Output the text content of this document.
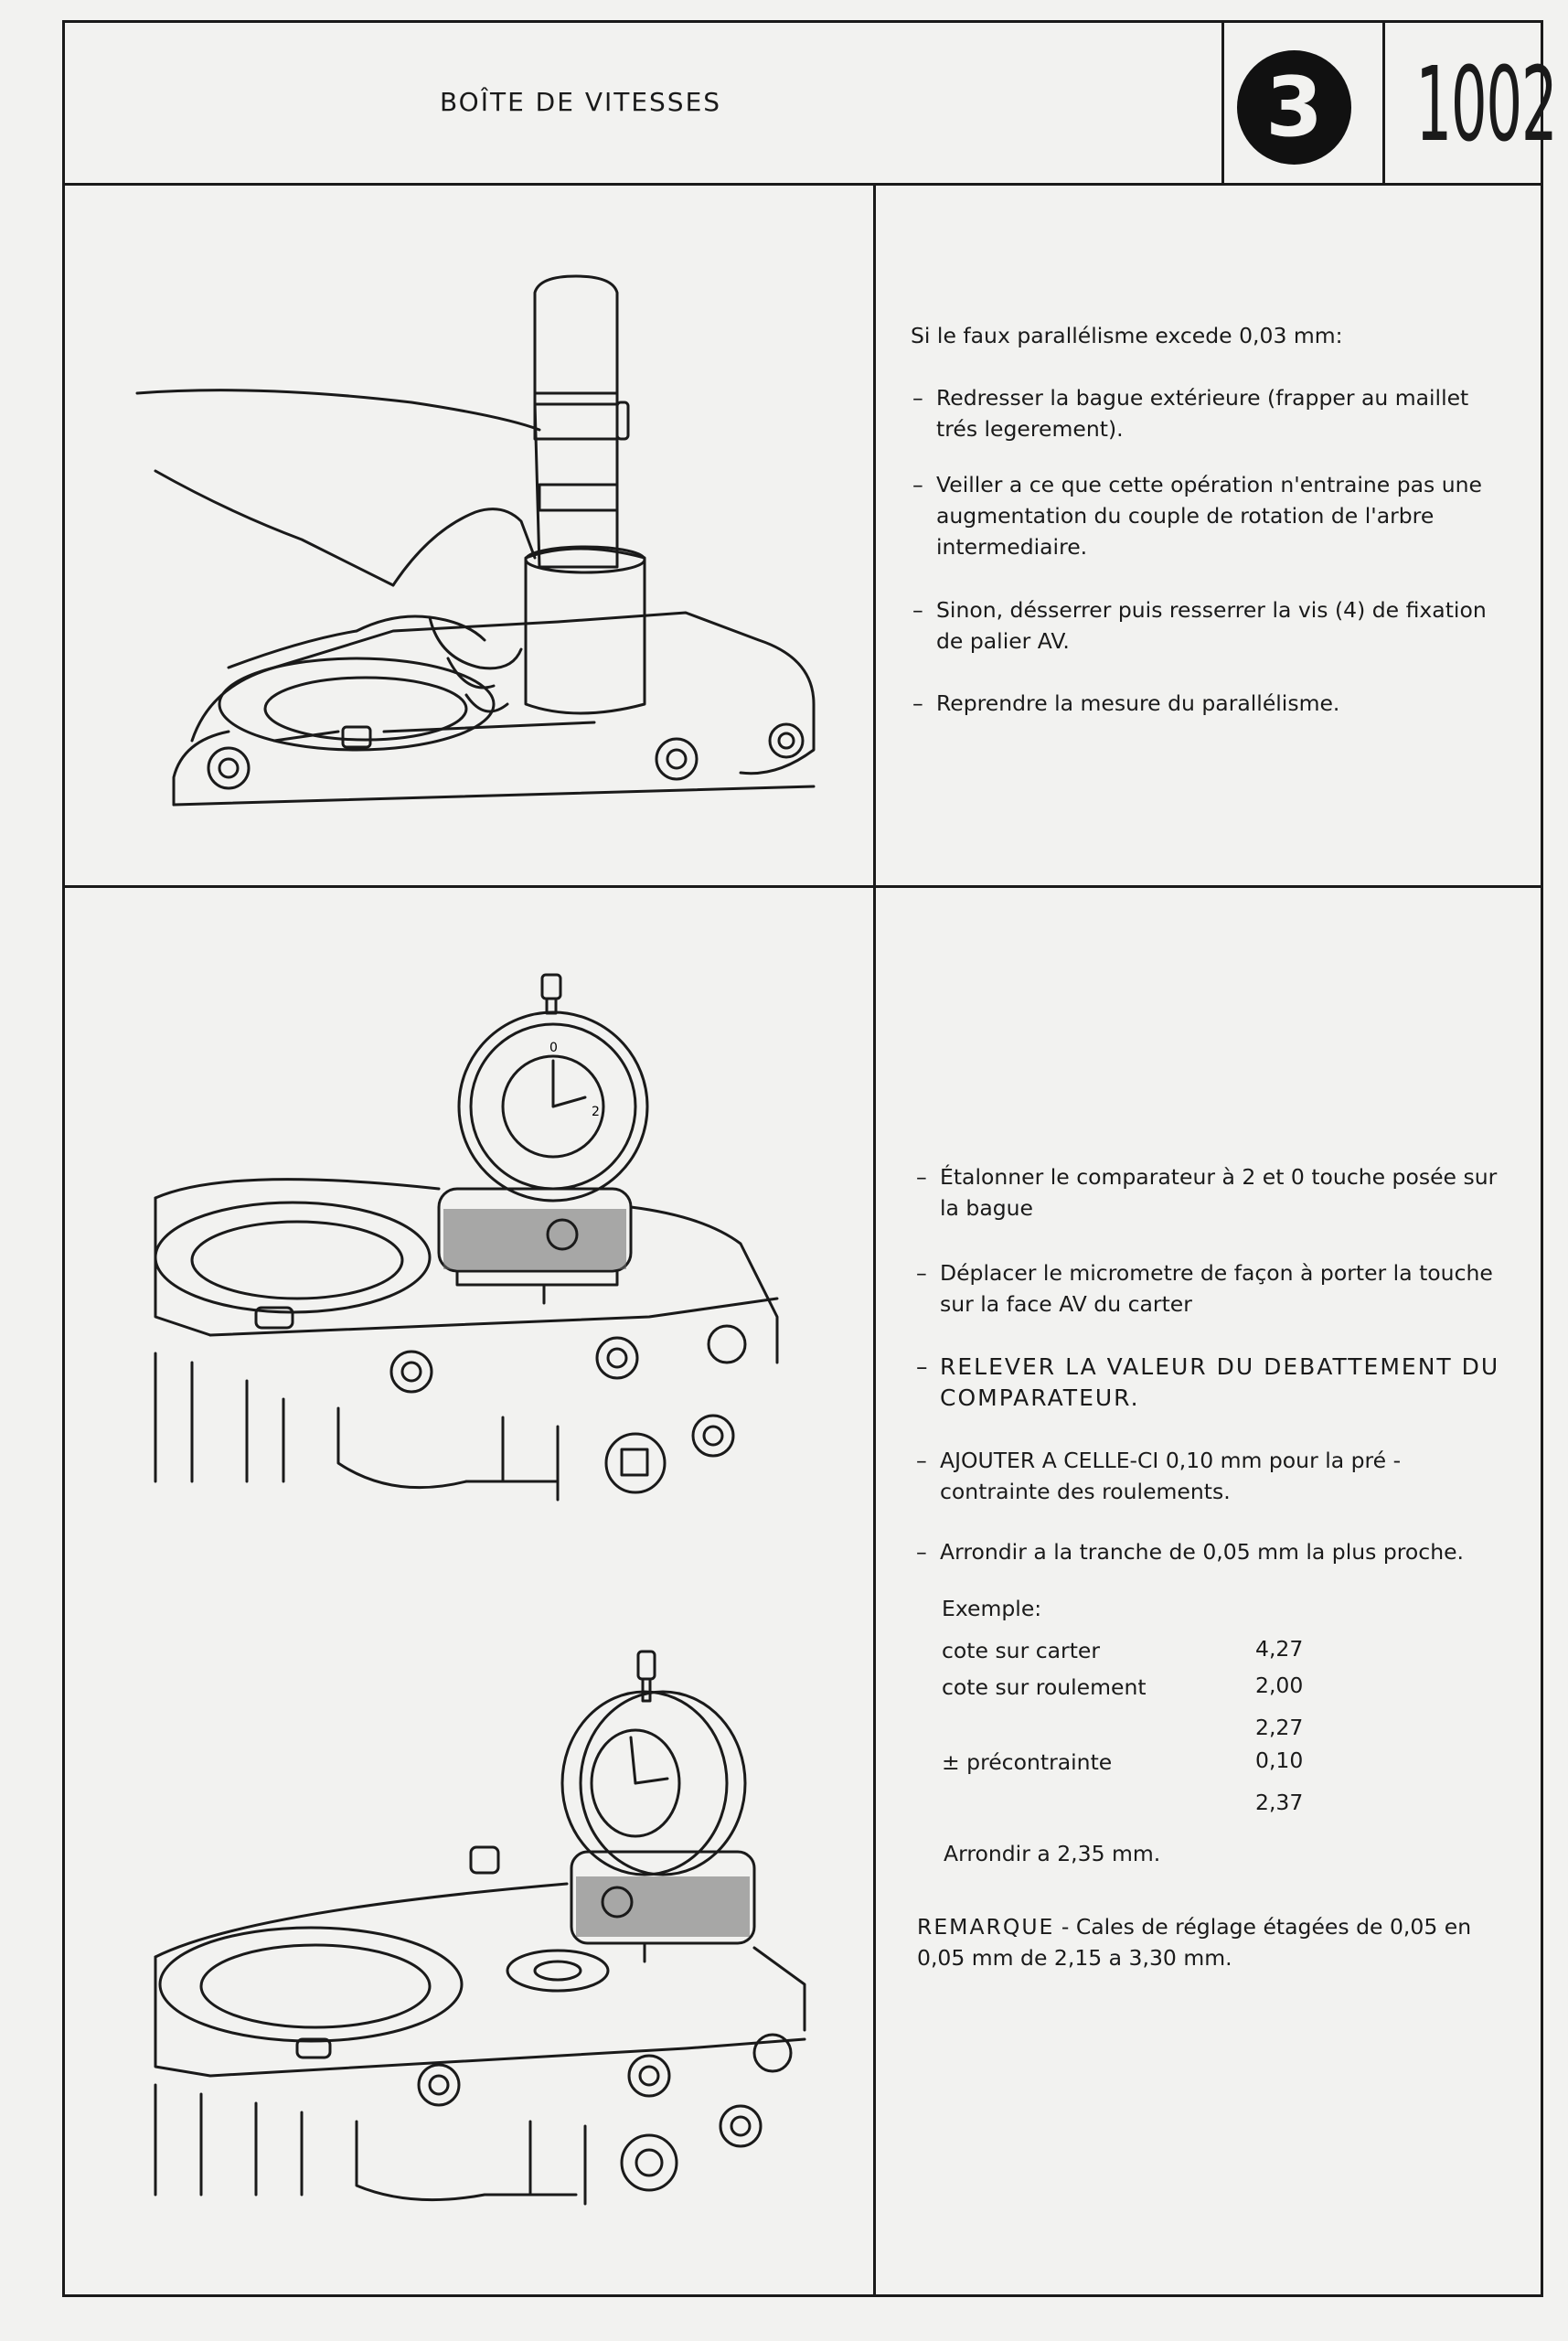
BOÎTE DE VITESSES	3 1002
Si le faux parallélisme excede 0,03 mm:
– Redresser la bague extérieure (frapper au maillet trés legerement).
– Veiller a ce que cette opération n'entraine pas une augmentation du couple de rotation de l'arbre intermediaire.
– Sinon, désserrer puis resserrer la vis (4) de fixation de palier AV.
– Reprendre la mesure du parallélisme.
– Étalonner le comparateur à 2 et 0 touche posée sur la bague
– Déplacer le micrometre de façon à porter la touche sur la face AV du carter
– RELEVER LA VALEUR DU DEBATTEMENT DU COMPARATEUR.
– AJOUTER A CELLE-CI 0,10 mm pour la pré -contrainte des roulements.
– Arrondir a la tranche de 0,05 mm la plus proche.
Exemple:
cote sur carter	4,27
cote sur roulement	2,00
2,27
± précontrainte	0,10
2,37
Arrondir a 2,35 mm.
REMARQUE - Cales de réglage étagées de 0,05 en 0,05 mm de 2,15 a 3,30 mm.
0
2
